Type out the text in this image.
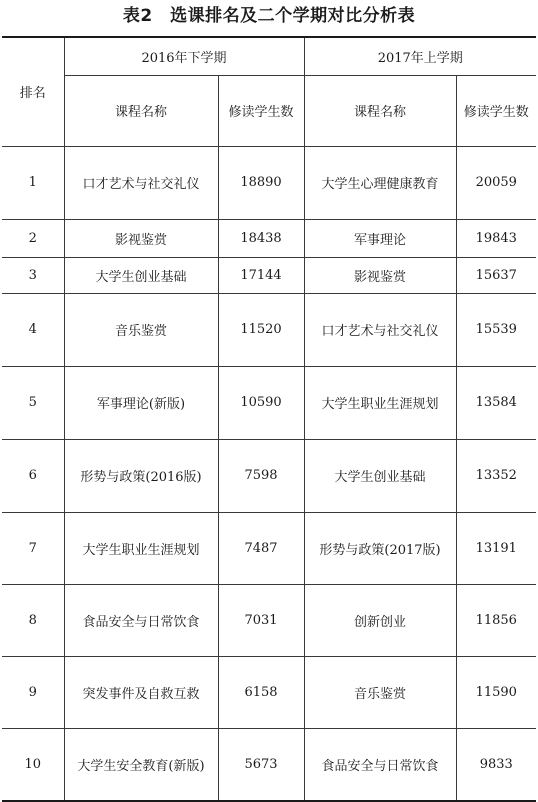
表2　选课排名及二个学期对比分析表
排名	2016年下学期		2017年上学期	
	课程名称	修读学生数	课程名称	修读学生数
1	口才艺术与社交礼仪	18890	大学生心理健康教育	20059
2	影视鉴赏	18438	军事理论	19843
3	大学生创业基础	17144	影视鉴赏	15637
4	音乐鉴赏	11520	口才艺术与社交礼仪	15539
5	军事理论(新版)	10590	大学生职业生涯规划	13584
6	形势与政策(2016版)	7598	大学生创业基础	13352
7	大学生职业生涯规划	7487	形势与政策(2017版)	13191
8	食品安全与日常饮食	7031	创新创业	11856
9	突发事件及自救互救	6158	音乐鉴赏	11590
10	大学生安全教育(新版)	5673	食品安全与日常饮食	9833
